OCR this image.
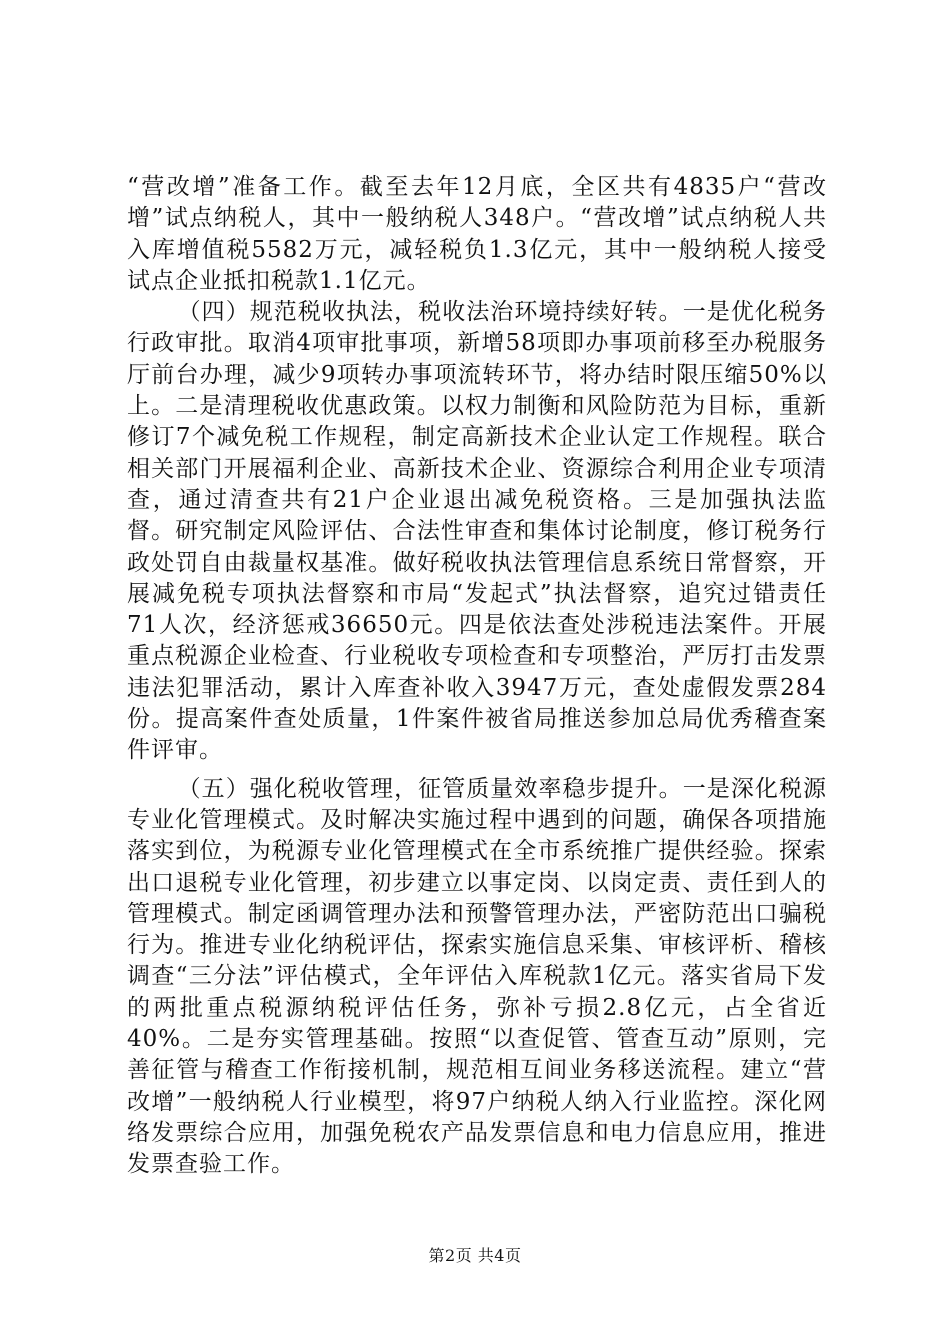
“营改增”准备工作。截至去年12月底，全区共有4835户“营改增”试点纳税人，其中一般纳税人348户。“营改增”试点纳税人共入库增值税5582万元，减轻税负1.3亿元，其中一般纳税人接受试点企业抵扣税款1.1亿元。

（四）规范税收执法，税收法治环境持续好转。一是优化税务行政审批。取消4项审批事项，新增58项即办事项前移至办税服务厅前台办理，减少9项转办事项流转环节，将办结时限压缩50%以上。二是清理税收优惠政策。以权力制衡和风险防范为目标，重新修订7个减免税工作规程，制定高新技术企业认定工作规程。联合相关部门开展福利企业、高新技术企业、资源综合利用企业专项清查，通过清查共有21户企业退出减免税资格。三是加强执法监督。研究制定风险评估、合法性审查和集体讨论制度，修订税务行政处罚自由裁量权基准。做好税收执法管理信息系统日常督察，开展减免税专项执法督察和市局“发起式”执法督察，追究过错责任71人次，经济惩戒36650元。四是依法查处涉税违法案件。开展重点税源企业检查、行业税收专项检查和专项整治，严厉打击发票违法犯罪活动，累计入库查补收入3947万元，查处虚假发票284份。提高案件查处质量，1件案件被省局推送参加总局优秀稽查案件评审。

（五）强化税收管理，征管质量效率稳步提升。一是深化税源专业化管理模式。及时解决实施过程中遇到的问题，确保各项措施落实到位，为税源专业化管理模式在全市系统推广提供经验。探索出口退税专业化管理，初步建立以事定岗、以岗定责、责任到人的管理模式。制定函调管理办法和预警管理办法，严密防范出口骗税行为。推进专业化纳税评估，探索实施信息采集、审核评析、稽核调查“三分法”评估模式，全年评估入库税款1亿元。落实省局下发的两批重点税源纳税评估任务，弥补亏损2.8亿元，占全省近40%。二是夯实管理基础。按照“以查促管、管查互动”原则，完善征管与稽查工作衔接机制，规范相互间业务移送流程。建立“营改增”一般纳税人行业模型，将97户纳税人纳入行业监控。深化网络发票综合应用，加强免税农产品发票信息和电力信息应用，推进发票查验工作。

第2页 共4页
